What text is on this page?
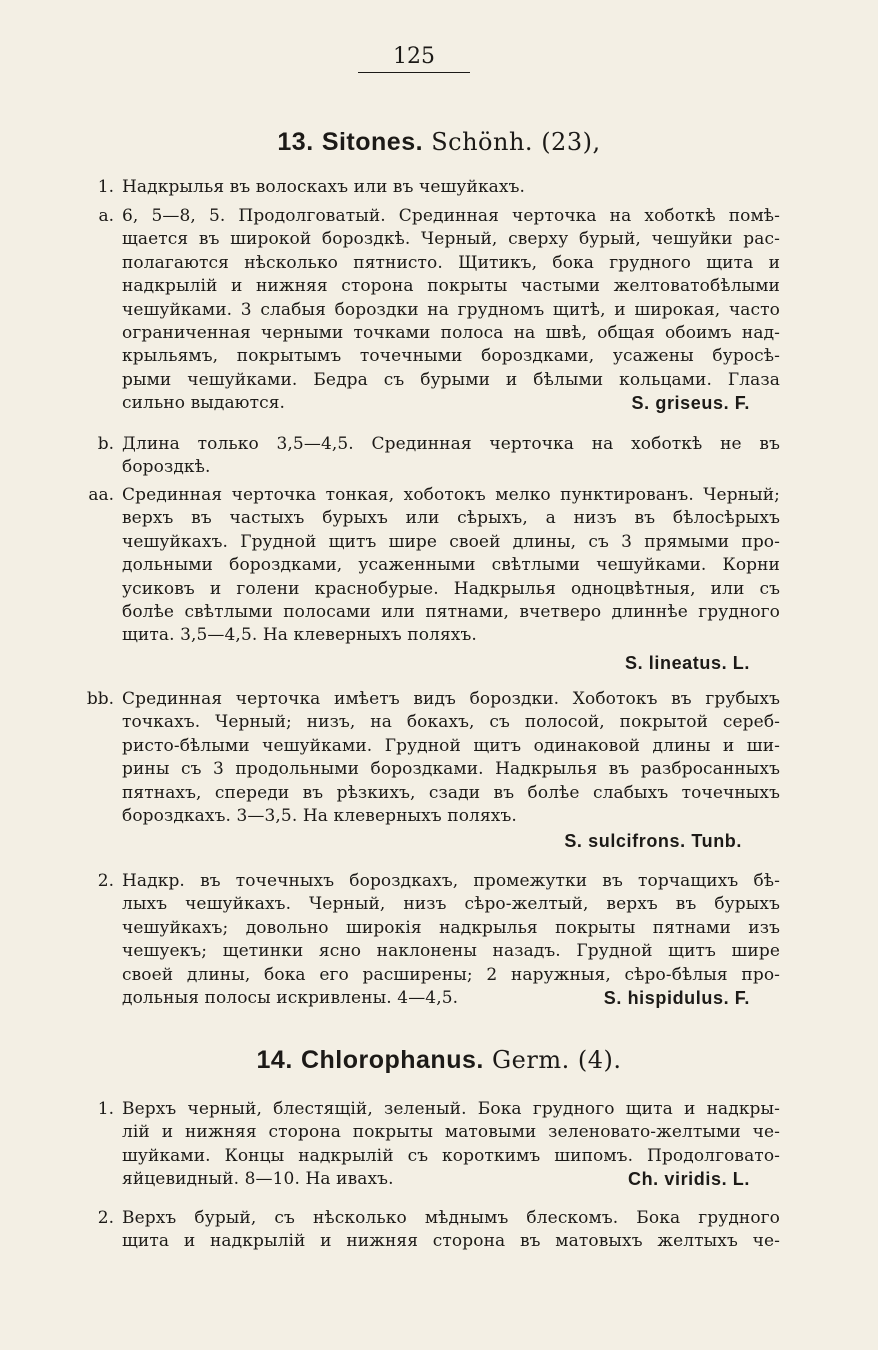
125
13. Sitones. Schönh. (23),
1. Надкрылья въ волоскахъ или въ чешуйкахъ.
a. 6, 5—8, 5. Продолговатый. Срединная черточка на хоботкѣ помѣ-
щается въ широкой бороздкѣ. Черный, сверху бурый, чешуйки рас-
полагаются нѣсколько пятнисто. Щитикъ, бока грудного щита и
надкрылій и нижняя сторона покрыты частыми желтоватобѣлыми
чешуйками. 3 слабыя бороздки на грудномъ щитѣ, и широкая, часто
ограниченная черными точками полоса на швѣ, общая обоимъ над-
крыльямъ, покрытымъ точечными бороздками, усажены буросѣ-
рыми чешуйками. Бедра съ бурыми и бѣлыми кольцами. Глаза
сильно выдаются.	S. griseus. F.
b. Длина только 3,5—4,5. Срединная черточка на хоботкѣ не въ
бороздкѣ.
aa. Срединная черточка тонкая, хоботокъ мелко пунктированъ. Черный;
верхъ въ частыхъ бурыхъ или сѣрыхъ, а низъ въ бѣлосѣрыхъ
чешуйкахъ. Грудной щитъ шире своей длины, съ 3 прямыми про-
дольными бороздками, усаженными свѣтлыми чешуйками. Корни
усиковъ и голени краснобурые. Надкрылья одноцвѣтныя, или съ
болѣе свѣтлыми полосами или пятнами, вчетверо длиннѣе грудного
щита. 3,5—4,5. На клеверныхъ поляхъ.
S. lineatus. L.
bb. Срединная черточка имѣетъ видъ бороздки. Хоботокъ въ грубыхъ
точкахъ. Черный; низъ, на бокахъ, съ полосой, покрытой сереб-
ристо-бѣлыми чешуйками. Грудной щитъ одинаковой длины и ши-
рины съ 3 продольными бороздками. Надкрылья въ разбросанныхъ
пятнахъ, спереди въ рѣзкихъ, сзади въ болѣе слабыхъ точечныхъ
бороздкахъ. 3—3,5. На клеверныхъ поляхъ.
S. sulcifrons. Tunb.
2. Надкр. въ точечныхъ бороздкахъ, промежутки въ торчащихъ бѣ-
лыхъ чешуйкахъ. Черный, низъ сѣро-желтый, верхъ въ бурыхъ
чешуйкахъ; довольно широкія надкрылья покрыты пятнами изъ
чешуекъ; щетинки ясно наклонены назадъ. Грудной щитъ шире
своей длины, бока его расширены; 2 наружныя, сѣро-бѣлыя про-
дольныя полосы искривлены. 4—4,5.	S. hispidulus. F.
14. Chlorophanus. Germ. (4).
1. Верхъ черный, блестящій, зеленый. Бока грудного щита и надкры-
лій и нижняя сторона покрыты матовыми зеленовато-желтыми че-
шуйками. Концы надкрылій съ короткимъ шипомъ. Продолговато-
яйцевидный. 8—10. На ивахъ.	Ch. viridis. L.
2. Верхъ бурый, съ нѣсколько мѣднымъ блескомъ. Бока грудного
щита и надкрылій и нижняя сторона въ матовыхъ желтыхъ че-
